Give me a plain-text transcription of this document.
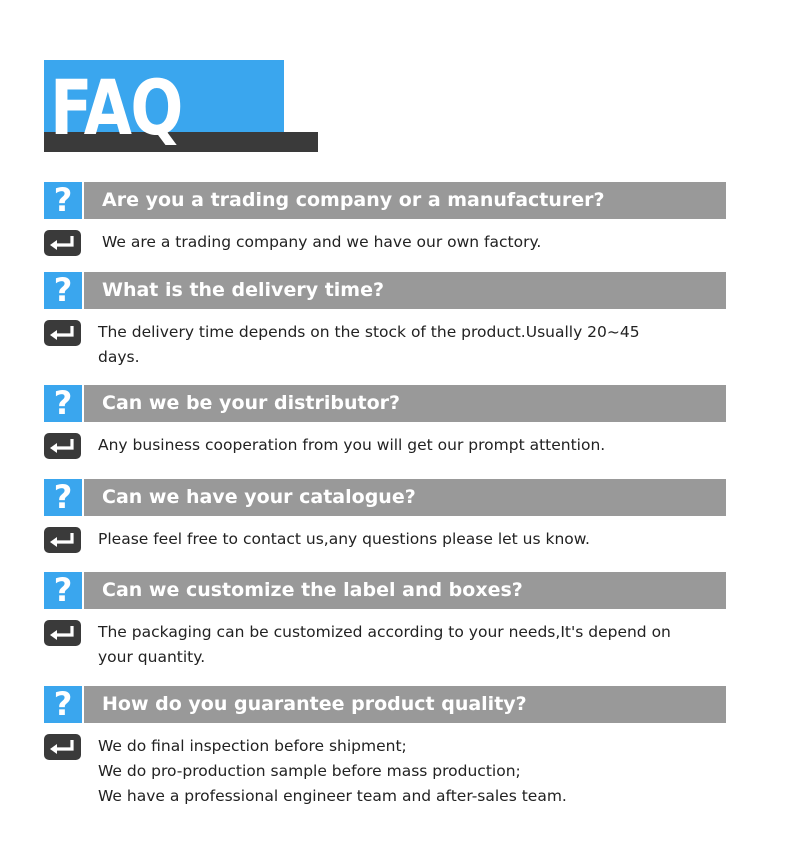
FAQ
?	Are you a trading company or a manufacturer?
We are a trading company and we have our own factory.
?	What is the delivery time?
The delivery time depends on the stock of the product.Usually 20~45
days.
?	Can we be your distributor?
Any business cooperation from you will get our prompt attention.
?	Can we have your catalogue?
Please feel free to contact us,any questions please let us know.
?	Can we customize the label and boxes?
The packaging can be customized according to your needs,It's depend on
your quantity.
?	How do you guarantee product quality?
We do final inspection before shipment;
We do pro-production sample before mass production;
We have a professional engineer team and after-sales team.
